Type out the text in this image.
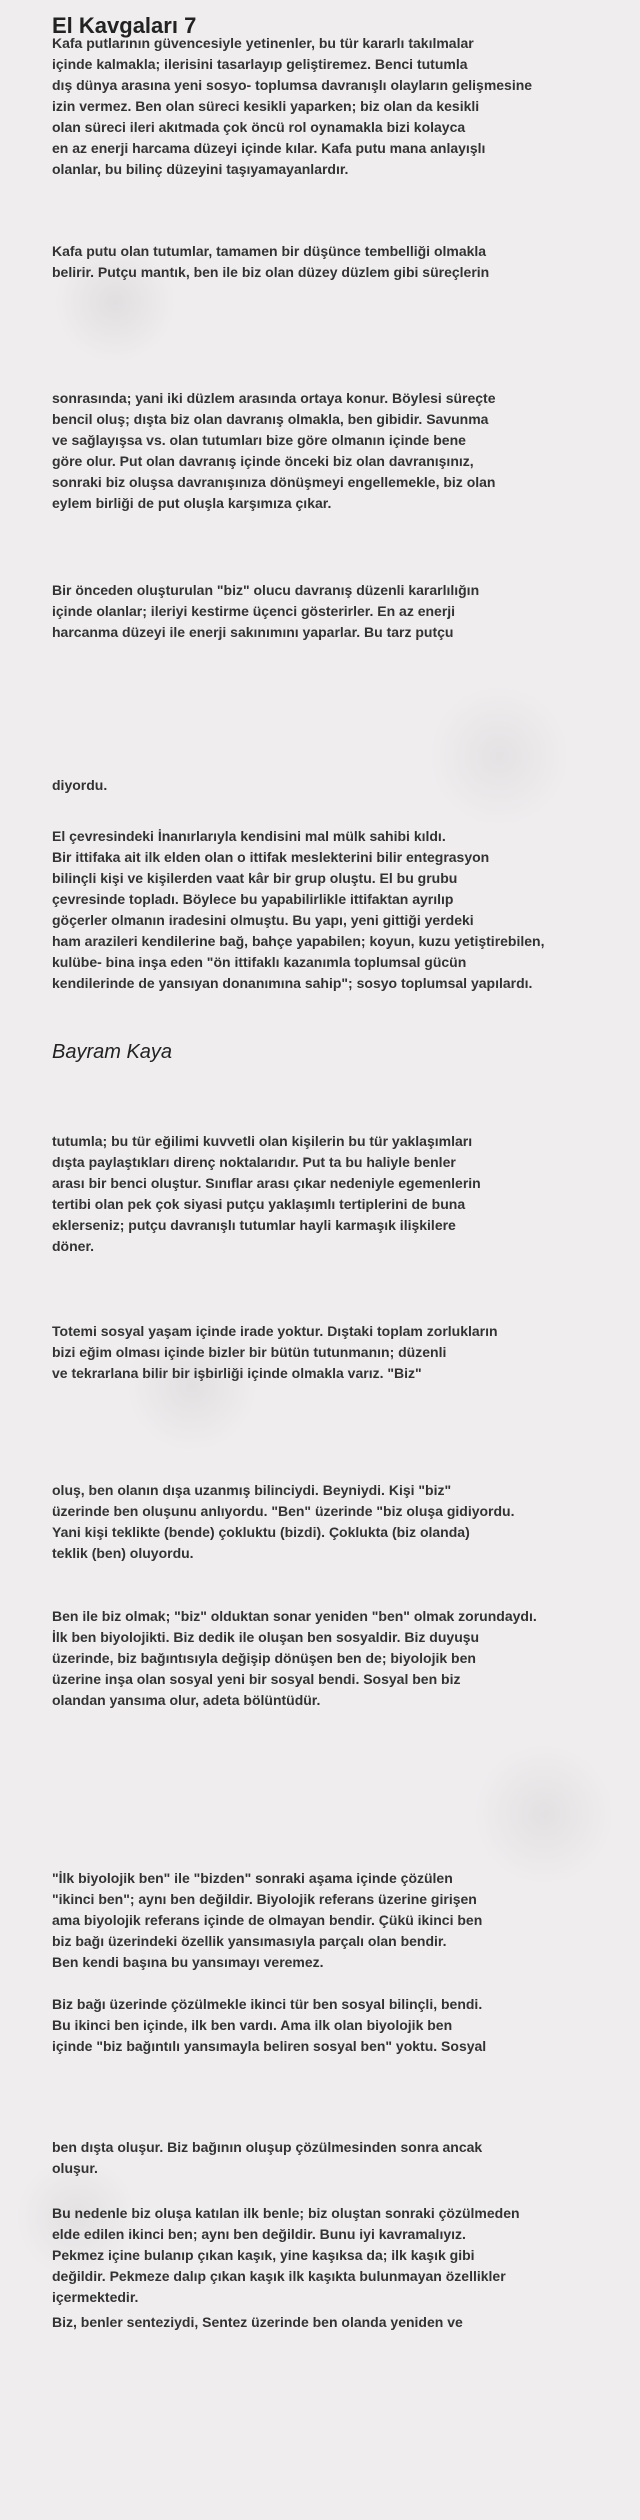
El Kavgaları 7
Kafa putlarının güvencesiyle yetinenler, bu tür kararlı takılmalar
içinde kalmakla; ilerisini tasarlayıp geliştiremez. Benci tutumla
dış dünya arasına yeni sosyo- toplumsa davranışlı olayların gelişmesine
izin vermez. Ben olan süreci kesikli yaparken; biz olan da kesikli
olan süreci ileri akıtmada çok öncü rol oynamakla bizi kolayca
en az enerji harcama düzeyi içinde kılar. Kafa putu mana anlayışlı
olanlar, bu bilinç düzeyini taşıyamayanlardır.
Kafa putu olan tutumlar, tamamen bir düşünce tembelliği olmakla
belirir. Putçu mantık, ben ile biz olan düzey düzlem gibi süreçlerin
sonrasında; yani iki düzlem arasında ortaya konur. Böylesi süreçte
bencil oluş; dışta biz olan davranış olmakla, ben gibidir. Savunma
ve sağlayışsa vs. olan tutumları bize göre olmanın içinde bene
göre olur. Put olan davranış içinde önceki biz olan davranışınız,
sonraki biz oluşsa davranışınıza dönüşmeyi engellemekle, biz olan
eylem birliği de put oluşla karşımıza çıkar.
Bir önceden oluşturulan "biz" olucu davranış düzenli kararlılığın
içinde olanlar; ileriyi kestirme üçenci gösterirler. En az enerji
harcanma düzeyi ile enerji sakınımını yaparlar. Bu tarz putçu
diyordu.
El çevresindeki İnanırlarıyla kendisini mal mülk sahibi kıldı.
Bir ittifaka ait ilk elden olan o ittifak meslekterini bilir entegrasyon
bilinçli kişi ve kişilerden vaat kâr bir grup oluştu. El bu grubu
çevresinde topladı. Böylece bu yapabilirlikle ittifaktan ayrılıp
göçerler olmanın iradesini olmuştu. Bu yapı, yeni gittiği yerdeki
ham arazileri kendilerine bağ, bahçe yapabilen; koyun, kuzu yetiştirebilen,
kulübe- bina inşa eden "ön ittifaklı kazanımla toplumsal gücün
kendilerinde de yansıyan donanımına sahip"; sosyo toplumsal yapılardı.
tutumla; bu tür eğilimi kuvvetli olan kişilerin bu tür yaklaşımları
dışta paylaştıkları direnç noktalarıdır. Put ta bu haliyle benler
arası bir benci oluştur. Sınıflar arası çıkar nedeniyle egemenlerin
tertibi olan pek çok siyasi putçu yaklaşımlı tertiplerini de buna
eklerseniz; putçu davranışlı tutumlar hayli karmaşık ilişkilere
döner.
Totemi sosyal yaşam içinde irade yoktur. Dıştaki toplam zorlukların
bizi eğim olması içinde bizler bir bütün tutunmanın; düzenli
ve tekrarlana bilir bir işbirliği içinde olmakla varız. "Biz"
oluş, ben olanın dışa uzanmış bilinciydi. Beyniydi. Kişi "biz"
üzerinde ben oluşunu anlıyordu. "Ben" üzerinde "biz oluşa gidiyordu.
Yani kişi teklikte (bende) çokluktu (bizdi). Çoklukta (biz olanda)
teklik (ben) oluyordu.
Ben ile biz olmak; "biz" olduktan sonar yeniden "ben" olmak zorundaydı.
İlk ben biyolojikti. Biz dedik ile oluşan ben sosyaldir. Biz duyuşu
üzerinde, biz bağıntısıyla değişip dönüşen ben de; biyolojik ben
üzerine inşa olan sosyal yeni bir sosyal bendi. Sosyal ben biz
olandan yansıma olur, adeta bölüntüdür.
"İlk biyolojik ben" ile "bizden" sonraki aşama içinde çözülen
"ikinci ben"; aynı ben değildir. Biyolojik referans üzerine girişen
ama biyolojik referans içinde de olmayan bendir. Çükü ikinci ben
biz bağı üzerindeki özellik yansımasıyla parçalı olan bendir.
Ben kendi başına bu yansımayı veremez.
Biz bağı üzerinde çözülmekle ikinci tür ben sosyal bilinçli, bendi.
Bu ikinci ben içinde, ilk ben vardı. Ama ilk olan biyolojik ben
içinde "biz bağıntılı yansımayla beliren sosyal ben" yoktu. Sosyal
ben dışta oluşur. Biz bağının oluşup çözülmesinden sonra ancak
oluşur.
Bu nedenle biz oluşa katılan ilk benle; biz oluştan sonraki çözülmeden
elde edilen ikinci ben; aynı ben değildir. Bunu iyi kavramalıyız.
Pekmez içine bulanıp çıkan kaşık, yine kaşıksa da; ilk kaşık gibi
değildir. Pekmeze dalıp çıkan kaşık ilk kaşıkta bulunmayan özellikler
içermektedir.
Biz, benler senteziydi, Sentez üzerinde ben olanda yeniden ve
Bayram Kaya
